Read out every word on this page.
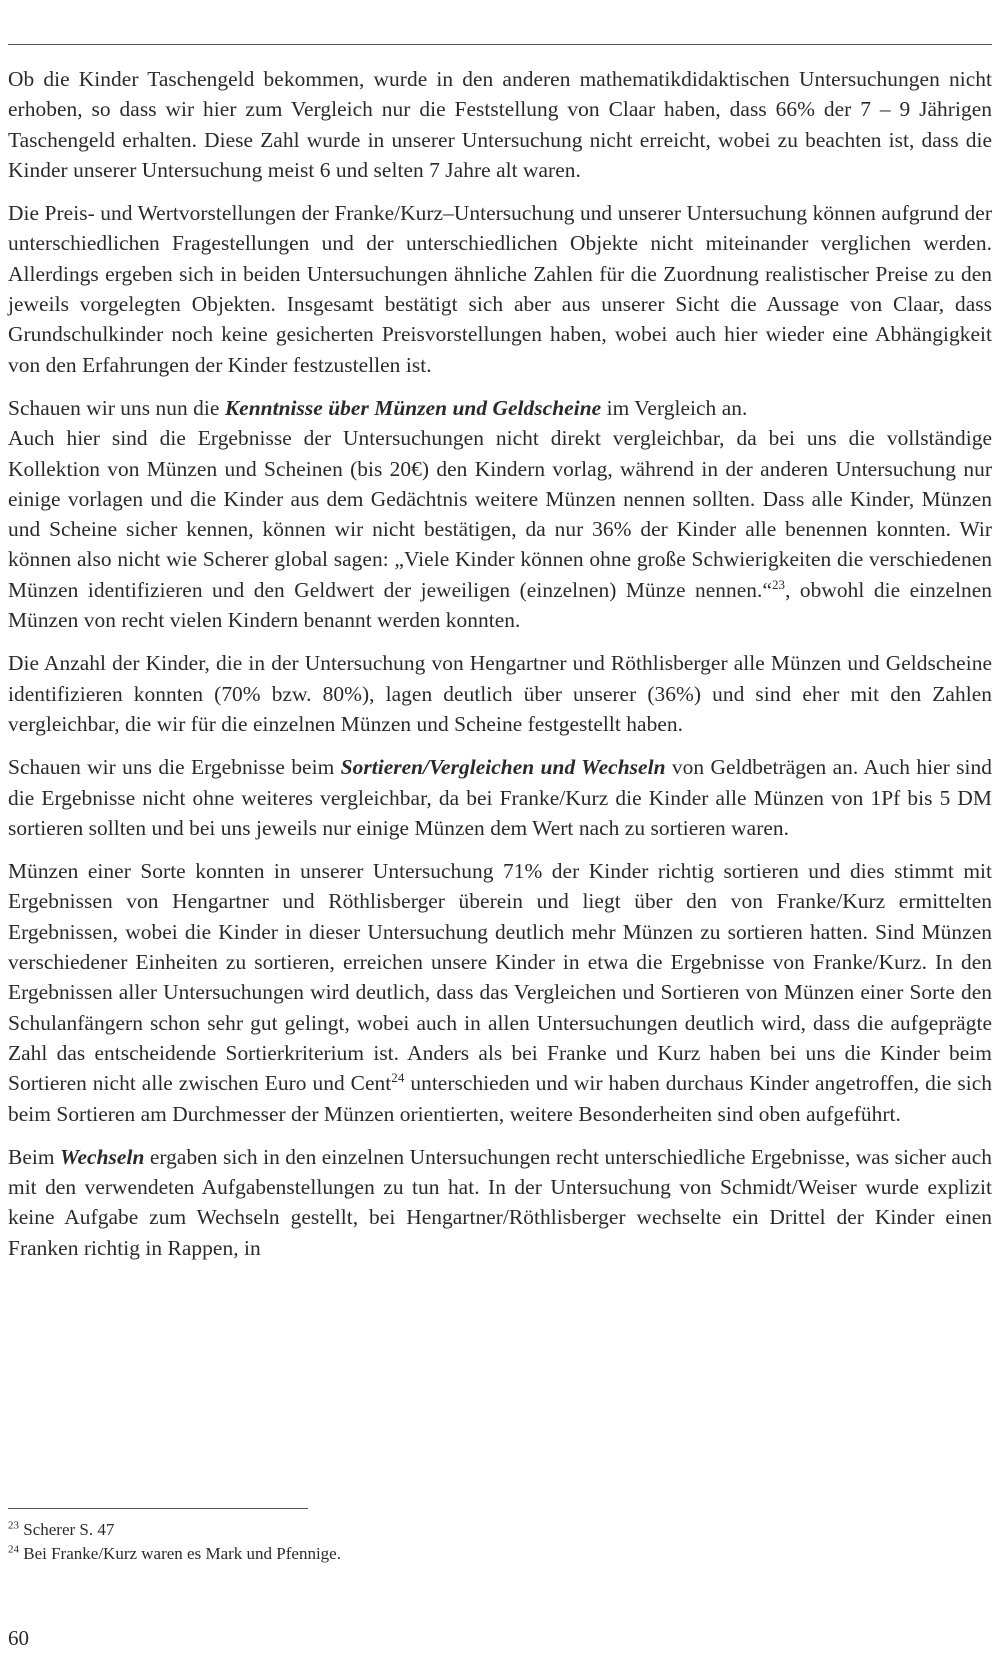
Ob die Kinder Taschengeld bekommen, wurde in den anderen mathematikdidaktischen Untersuchungen nicht erhoben, so dass wir hier zum Vergleich nur die Feststellung von Claar haben, dass 66% der 7 – 9 Jährigen Taschengeld erhalten. Diese Zahl wurde in unserer Untersuchung nicht erreicht, wobei zu beachten ist, dass die Kinder unserer Untersuchung meist 6 und selten 7 Jahre alt waren.

Die Preis- und Wertvorstellungen der Franke/Kurz–Untersuchung und unserer Untersuchung können aufgrund der unterschiedlichen Fragestellungen und der unterschiedlichen Objekte nicht miteinander verglichen werden. Allerdings ergeben sich in beiden Untersuchungen ähnliche Zahlen für die Zuordnung realistischer Preise zu den jeweils vorgelegten Objekten. Insgesamt bestätigt sich aber aus unserer Sicht die Aussage von Claar, dass Grundschulkinder noch keine gesicherten Preisvorstellungen haben, wobei auch hier wieder eine Abhängigkeit von den Erfahrungen der Kinder festzustellen ist.

Schauen wir uns nun die Kenntnisse über Münzen und Geldscheine im Vergleich an.

Auch hier sind die Ergebnisse der Untersuchungen nicht direkt vergleichbar, da bei uns die vollständige Kollektion von Münzen und Scheinen (bis 20€) den Kindern vorlag, während in der anderen Untersuchung nur einige vorlagen und die Kinder aus dem Gedächtnis weitere Münzen nennen sollten. Dass alle Kinder, Münzen und Scheine sicher kennen, können wir nicht bestätigen, da nur 36% der Kinder alle benennen konnten. Wir können also nicht wie Scherer global sagen: „Viele Kinder können ohne große Schwierigkeiten die verschiedenen Münzen identifizieren und den Geldwert der jeweiligen (einzelnen) Münze nennen.“$^{23}$, obwohl die einzelnen Münzen von recht vielen Kindern benannt werden konnten.

Die Anzahl der Kinder, die in der Untersuchung von Hengartner und Röthlisberger alle Münzen und Geldscheine identifizieren konnten (70% bzw. 80%), lagen deutlich über unserer (36%) und sind eher mit den Zahlen vergleichbar, die wir für die einzelnen Münzen und Scheine festgestellt haben.

Schauen wir uns die Ergebnisse beim Sortieren/Vergleichen und Wechseln von Geldbeträgen an. Auch hier sind die Ergebnisse nicht ohne weiteres vergleichbar, da bei Franke/Kurz die Kinder alle Münzen von 1Pf bis 5 DM sortieren sollten und bei uns jeweils nur einige Münzen dem Wert nach zu sortieren waren.

Münzen einer Sorte konnten in unserer Untersuchung 71% der Kinder richtig sortieren und dies stimmt mit Ergebnissen von Hengartner und Röthlisberger überein und liegt über den von Franke/Kurz ermittelten Ergebnissen, wobei die Kinder in dieser Untersuchung deutlich mehr Münzen zu sortieren hatten. Sind Münzen verschiedener Einheiten zu sortieren, erreichen unsere Kinder in etwa die Ergebnisse von Franke/Kurz. In den Ergebnissen aller Untersuchungen wird deutlich, dass das Vergleichen und Sortieren von Münzen einer Sorte den Schulanfängern schon sehr gut gelingt, wobei auch in allen Untersuchungen deutlich wird, dass die aufgeprägte Zahl das entscheidende Sortierkriterium ist. Anders als bei Franke und Kurz haben bei uns die Kinder beim Sortieren nicht alle zwischen Euro und Cent$^{24}$ unterschieden und wir haben durchaus Kinder angetroffen, die sich beim Sortieren am Durchmesser der Münzen orientierten, weitere Besonderheiten sind oben aufgeführt.

Beim Wechseln ergaben sich in den einzelnen Untersuchungen recht unterschiedliche Ergebnisse, was sicher auch mit den verwendeten Aufgabenstellungen zu tun hat. In der Untersuchung von Schmidt/Weiser wurde explizit keine Aufgabe zum Wechseln gestellt, bei Hengartner/Röthlisberger wechselte ein Drittel der Kinder einen Franken richtig in Rappen, in

$^{23}$ Scherer S. 47
$^{24}$ Bei Franke/Kurz waren es Mark und Pfennige.
60
